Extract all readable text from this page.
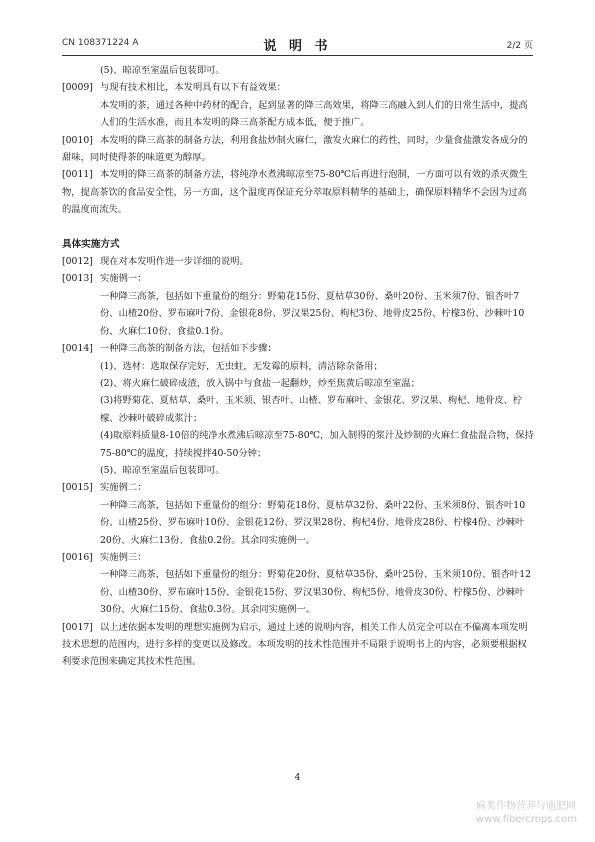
CN 108371224 A	说 明 书	2/2 页

(5)、晾凉至室温后包装即可。

[0009] 与现有技术相比，本发明具有以下有益效果：

本发明的茶，通过各种中药材的配合，起到显著的降三高效果，将降三高融入到人们的日常生活中，提高人们的生活水准，而且本发明的降三高茶配方成本低，便于推广。

[0010] 本发明的降三高茶的制备方法，利用食盐炒制火麻仁，激发火麻仁的药性，同时，少量食盐激发各成分的甜味，同时使得茶的味道更为醇厚。

[0011] 本发明的降三高茶的制备方法，将纯净水煮沸晾凉至75-80℃后再进行泡制，一方面可以有效的杀灭微生物，提高茶饮的食品安全性，另一方面，这个温度再保证充分萃取原料精华的基础上，确保原料精华不会因为过高的温度而流失。

具体实施方式

[0012] 现在对本发明作进一步详细的说明。

[0013] 实施例一：

一种降三高茶，包括如下重量份的组分：野菊花15份、夏枯草30份、桑叶20份、玉米须7份、银杏叶7份、山楂20份、罗布麻叶7份、金银花8份、罗汉果25份、枸杞3份、地骨皮25份、柠檬3份、沙棘叶10份、火麻仁10份、食盐0.1份。

[0014] 一种降三高茶的制备方法，包括如下步骤：

(1)、选材：选取保存完好，无虫蛀，无发霉的原料，清洁除杂备用；

(2)、将火麻仁破碎成渣，放入锅中与食盐一起翻炒，炒至焦黄后晾凉至室温；

(3)将野菊花、夏枯草、桑叶、玉米须、银杏叶、山楂、罗布麻叶、金银花、罗汉果、枸杞、地骨皮、柠檬、沙棘叶破碎成浆汁；

(4)取原料质量8-10倍的纯净水煮沸后晾凉至75-80℃，加入制得的浆汁及炒制的火麻仁食盐混合物，保持75-80℃的温度，持续搅拌40-50分钟；

(5)、晾凉至室温后包装即可。

[0015] 实施例二：

一种降三高茶，包括如下重量份的组分：野菊花18份、夏枯草32份、桑叶22份、玉米须8份、银杏叶10份、山楂25份、罗布麻叶10份、金银花12份、罗汉果28份、枸杞4份、地骨皮28份、柠檬4份、沙棘叶20份、火麻仁13份、食盐0.2份。其余同实施例一。

[0016] 实施例三：

一种降三高茶，包括如下重量份的组分：野菊花20份、夏枯草35份、桑叶25份、玉米须10份、银杏叶12份、山楂30份、罗布麻叶15份、金银花15份、罗汉果30份、枸杞5份、地骨皮30份、柠檬5份、沙棘叶30份、火麻仁15份、食盐0.3份。其余同实施例一。

[0017] 以上述依据本发明的理想实施例为启示，通过上述的说明内容，相关工作人员完全可以在不偏离本项发明技术思想的范围内，进行多样的变更以及修改。本项发明的技术性范围并不局限于说明书上的内容，必须要根据权利要求范围来确定其技术性范围。

4
麻类作物营养与施肥网
www.fibercrops.com
